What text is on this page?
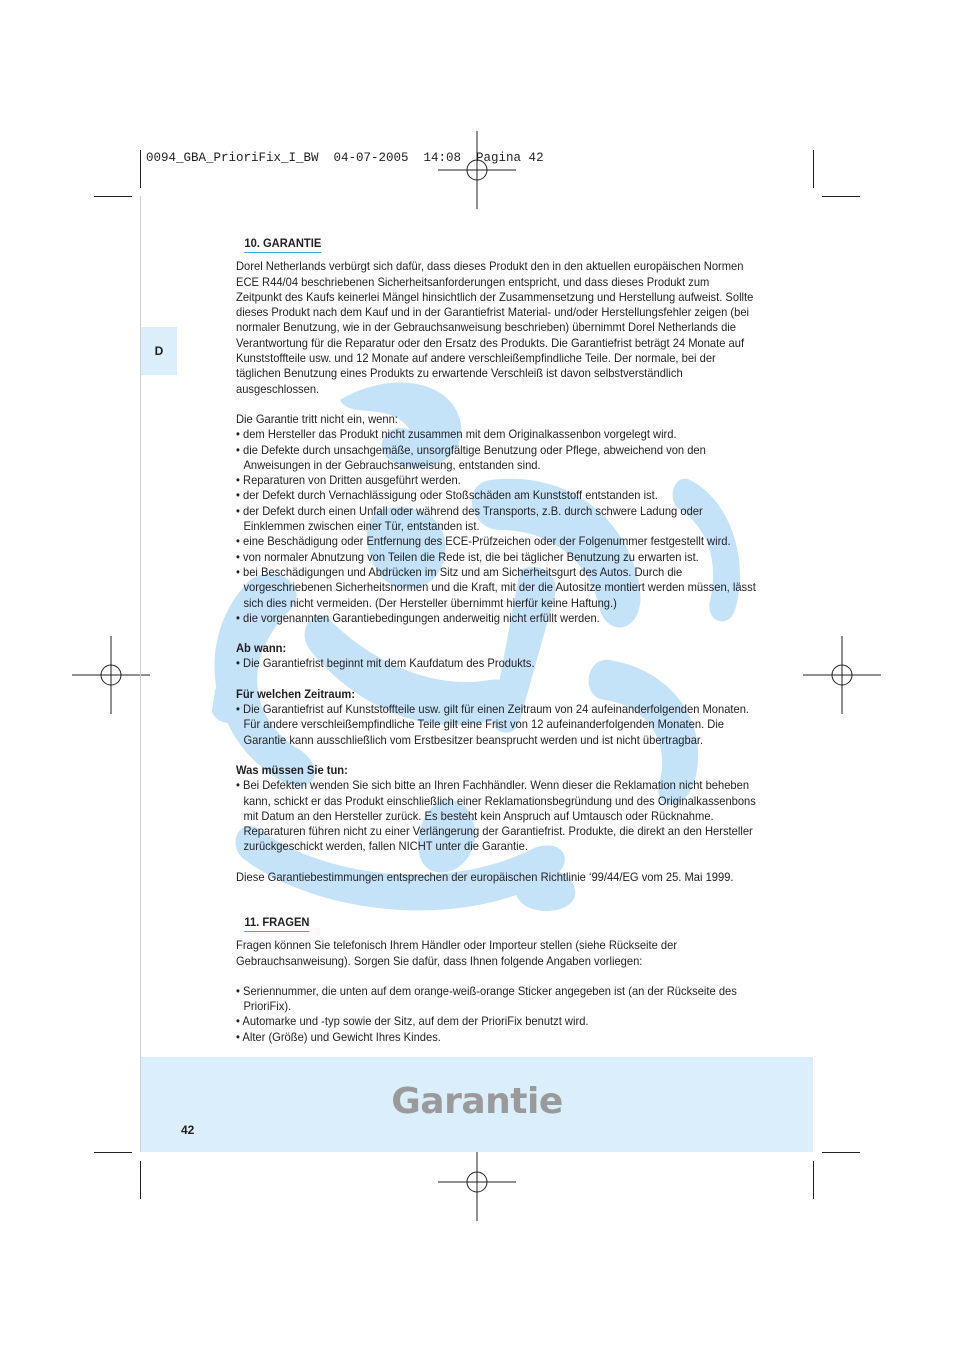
0094_GBA_PrioriFix_I_BW  04-07-2005  14:08  Pagina 42
D
10. GARANTIE

Dorel Netherlands verbürgt sich dafür, dass dieses Produkt den in den aktuellen europäischen Normen ECE R44/04 beschriebenen Sicherheitsanforderungen entspricht, und dass dieses Produkt zum Zeitpunkt des Kaufs keinerlei Mängel hinsichtlich der Zusammensetzung und Herstellung aufweist. Sollte dieses Produkt nach dem Kauf und in der Garantiefrist Material- und/oder Herstellungsfehler zeigen (bei normaler Benutzung, wie in der Gebrauchsanweisung beschrieben) übernimmt Dorel Netherlands die Verantwortung für die Reparatur oder den Ersatz des Produkts. Die Garantiefrist beträgt 24 Monate auf Kunststoffteile usw. und 12 Monate auf andere verschleißempfindliche Teile. Der normale, bei der täglichen Benutzung eines Produkts zu erwartende Verschleiß ist davon selbstverständlich ausgeschlossen.

Die Garantie tritt nicht ein, wenn:

• dem Hersteller das Produkt nicht zusammen mit dem Originalkassenbon vorgelegt wird.
• die Defekte durch unsachgemäße, unsorgfältige Benutzung oder Pflege, abweichend von den Anweisungen in der Gebrauchsanweisung, entstanden sind.
• Reparaturen von Dritten ausgeführt werden.
• der Defekt durch Vernachlässigung oder Stoßschäden am Kunststoff entstanden ist.
• der Defekt durch einen Unfall oder während des Transports, z.B. durch schwere Ladung oder Einklemmen zwischen einer Tür, entstanden ist.
• eine Beschädigung oder Entfernung des ECE-Prüfzeichen oder der Folgenummer festgestellt wird.
• von normaler Abnutzung von Teilen die Rede ist, die bei täglicher Benutzung zu erwarten ist.
• bei Beschädigungen und Abdrücken im Sitz und am Sicherheitsgurt des Autos. Durch die vorgeschriebenen Sicherheitsnormen und die Kraft, mit der die Autositze montiert werden müssen, lässt sich dies nicht vermeiden. (Der Hersteller übernimmt hierfür keine Haftung.)
• die vorgenannten Garantiebedingungen anderweitig nicht erfüllt werden.

Ab wann:

• Die Garantiefrist beginnt mit dem Kaufdatum des Produkts.

Für welchen Zeitraum:

• Die Garantiefrist auf Kunststoffteile usw. gilt für einen Zeitraum von 24 aufeinanderfolgenden Monaten. Für andere verschleißempfindliche Teile gilt eine Frist von 12 aufeinanderfolgenden Monaten. Die Garantie kann ausschließlich vom Erstbesitzer beansprucht werden und ist nicht übertragbar.

Was müssen Sie tun:

• Bei Defekten wenden Sie sich bitte an Ihren Fachhändler. Wenn dieser die Reklamation nicht beheben kann, schickt er das Produkt einschließlich einer Reklamationsbegründung und des Originalkassenbons mit Datum an den Hersteller zurück. Es besteht kein Anspruch auf Umtausch oder Rücknahme. Reparaturen führen nicht zu einer Verlängerung der Garantiefrist. Produkte, die direkt an den Hersteller zurückgeschickt werden, fallen NICHT unter die Garantie.

Diese Garantiebestimmungen entsprechen der europäischen Richtlinie ‘99/44/EG vom 25. Mai 1999.

11. FRAGEN

Fragen können Sie telefonisch Ihrem Händler oder Importeur stellen (siehe Rückseite der Gebrauchsanweisung). Sorgen Sie dafür, dass Ihnen folgende Angaben vorliegen:

• Seriennummer, die unten auf dem orange-weiß-orange Sticker angegeben ist (an der Rückseite des PrioriFix).
• Automarke und -typ sowie der Sitz, auf dem der PrioriFix benutzt wird.
• Alter (Größe) und Gewicht Ihres Kindes.
Garantie
42
